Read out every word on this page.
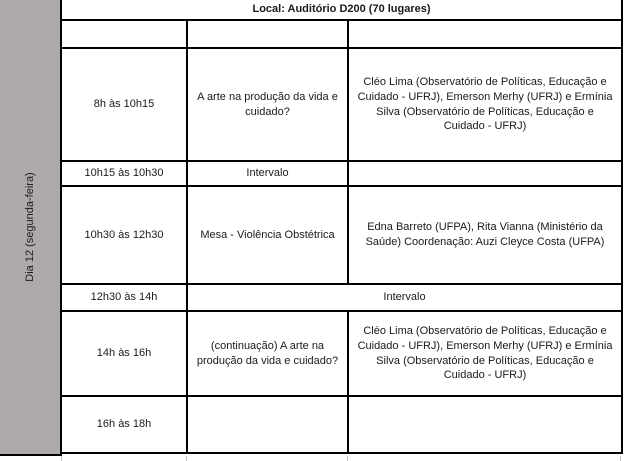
Dia 12 (segunda-feira)
Local: Auditório D200 (70 lugares)		
Horário	Atividade	Palestrantes
8h às 10h15	A arte na produção da vida e cuidado?	Cléo Lima (Observatório de Políticas, Educação e Cuidado - UFRJ), Emerson Merhy (UFRJ) e Ermínia Silva (Observatório de Políticas, Educação e Cuidado - UFRJ)
10h15 às 10h30	Intervalo	
10h30 às 12h30	Mesa - Violência Obstétrica	Edna Barreto (UFPA), Rita Vianna (Ministério da Saúde) Coordenação: Auzi Cleyce Costa (UFPA)
12h30 às 14h	Intervalo	
14h às 16h	(continuação) A arte na produção da vida e cuidado?	Cléo Lima (Observatório de Políticas, Educação e Cuidado - UFRJ), Emerson Merhy (UFRJ) e Ermínia Silva (Observatório de Políticas, Educação e Cuidado - UFRJ)
16h às 18h		
